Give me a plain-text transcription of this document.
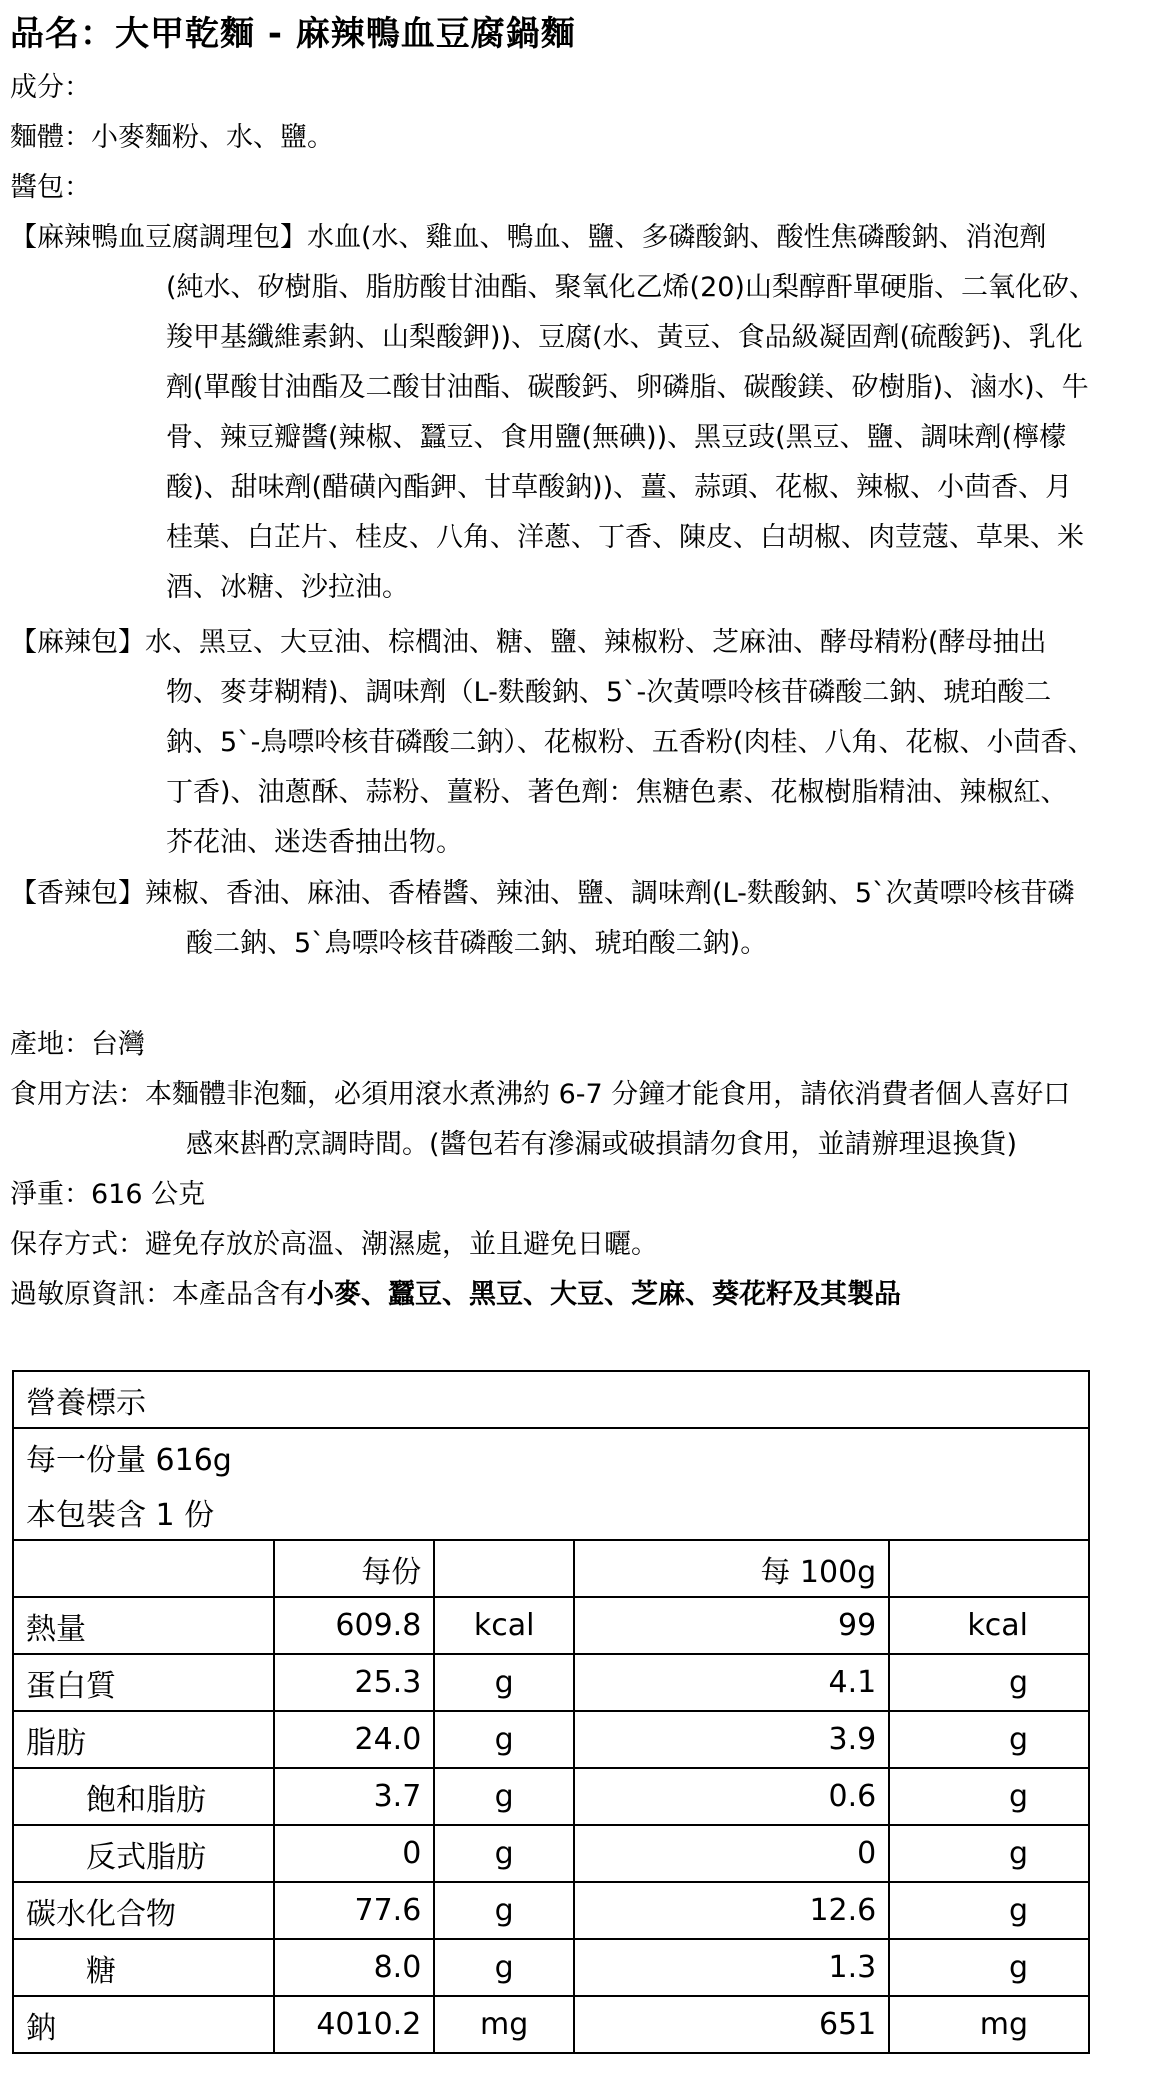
品名：大甲乾麵 - 麻辣鴨血豆腐鍋麵
成分：
麵體：小麥麵粉、水、鹽。
醬包：
【麻辣鴨血豆腐調理包】水血(水、雞血、鴨血、鹽、多磷酸鈉、酸性焦磷酸鈉、消泡劑
(純水、矽樹脂、脂肪酸甘油酯、聚氧化乙烯(20)山梨醇酐單硬脂、二氧化矽、
羧甲基纖維素鈉、山梨酸鉀))、豆腐(水、黃豆、食品級凝固劑(硫酸鈣)、乳化
劑(單酸甘油酯及二酸甘油酯、碳酸鈣、卵磷脂、碳酸鎂、矽樹脂)、滷水)、牛
骨、辣豆瓣醬(辣椒、蠶豆、食用鹽(無碘))、黑豆豉(黑豆、鹽、調味劑(檸檬
酸)、甜味劑(醋磺內酯鉀、甘草酸鈉))、薑、蒜頭、花椒、辣椒、小茴香、月
桂葉、白芷片、桂皮、八角、洋蔥、丁香、陳皮、白胡椒、肉荳蔻、草果、米
酒、冰糖、沙拉油。
【麻辣包】水、黑豆、大豆油、棕櫚油、糖、鹽、辣椒粉、芝麻油、酵母精粉(酵母抽出
物、麥芽糊精)、調味劑（L-麩酸鈉、5`-次黃嘌呤核苷磷酸二鈉、琥珀酸二
鈉、5`-鳥嘌呤核苷磷酸二鈉）、花椒粉、五香粉(肉桂、八角、花椒、小茴香、
丁香)、油蔥酥、蒜粉、薑粉、著色劑：焦糖色素、花椒樹脂精油、辣椒紅、
芥花油、迷迭香抽出物。
【香辣包】辣椒、香油、麻油、香椿醬、辣油、鹽、調味劑(L-麩酸鈉、5`次黃嘌呤核苷磷
酸二鈉、5`鳥嘌呤核苷磷酸二鈉、琥珀酸二鈉)。
產地：台灣
食用方法：本麵體非泡麵，必須用滾水煮沸約 6-7 分鐘才能食用，請依消費者個人喜好口
感來斟酌烹調時間。(醬包若有滲漏或破損請勿食用，並請辦理退換貨)
淨重：616 公克
保存方式：避免存放於高溫、潮濕處，並且避免日曬。
過敏原資訊：本產品含有小麥、蠶豆、黑豆、大豆、芝麻、葵花籽及其製品
營養標示				
每一份量 616g				
本包裝含 1 份				
	每份		每 100g	
熱量	609.8	kcal	99	kcal
蛋白質	25.3	g	4.1	g
脂肪	24.0	g	3.9	g
飽和脂肪	3.7	g	0.6	g
反式脂肪	0	g	0	g
碳水化合物	77.6	g	12.6	g
糖	8.0	g	1.3	g
鈉	4010.2	mg	651	mg
